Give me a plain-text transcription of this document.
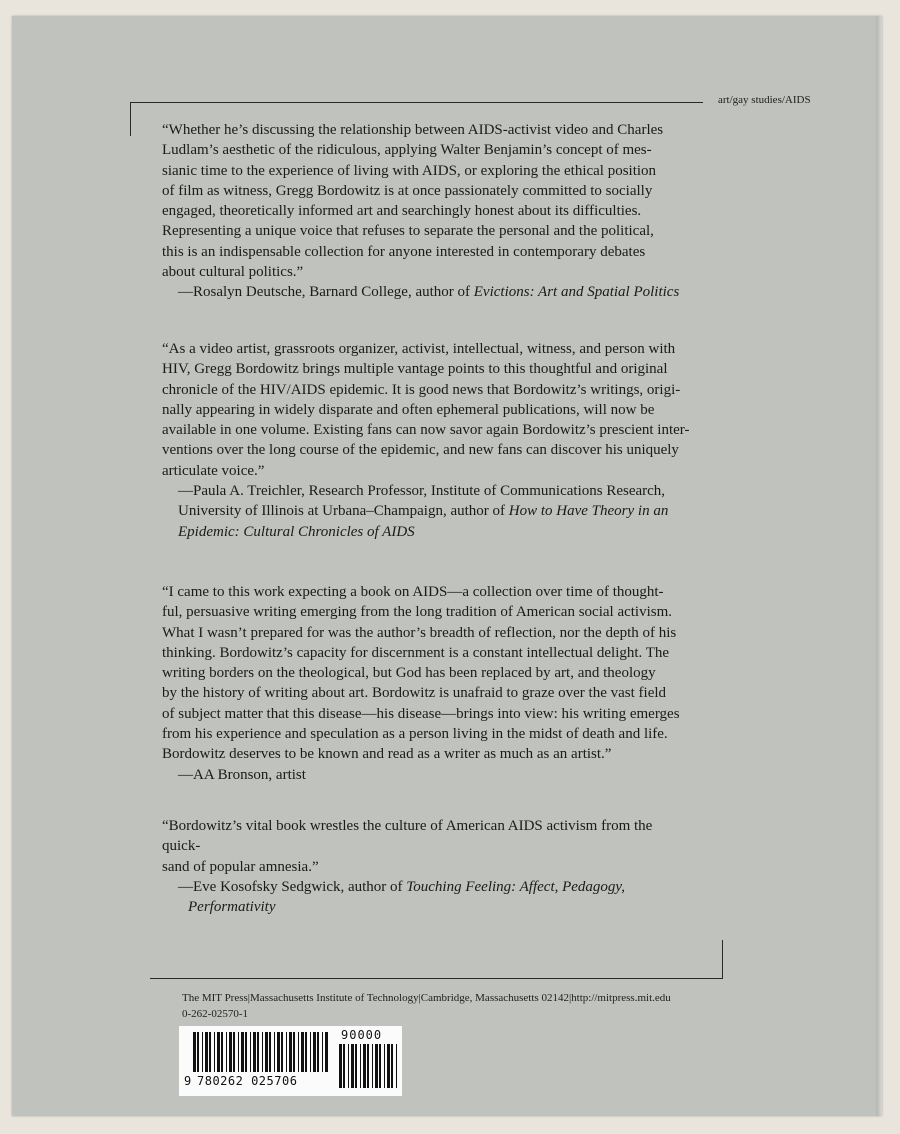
art/gay studies/AIDS

“Whether he’s discussing the relationship between AIDS-activist video and Charles

Ludlam’s aesthetic of the ridiculous, applying Walter Benjamin’s concept of mes-

sianic time to the experience of living with AIDS, or exploring the ethical position

of film as witness, Gregg Bordowitz is at once passionately committed to socially

engaged, theoretically informed art and searchingly honest about its difficulties.

Representing a unique voice that refuses to separate the personal and the political,

this is an indispensable collection for anyone interested in contemporary debates

about cultural politics.”

—Rosalyn Deutsche, Barnard College, author of Evictions: Art and Spatial Politics

“As a video artist, grassroots organizer, activist, intellectual, witness, and person with

HIV, Gregg Bordowitz brings multiple vantage points to this thoughtful and original

chronicle of the HIV/AIDS epidemic. It is good news that Bordowitz’s writings, origi-

nally appearing in widely disparate and often ephemeral publications, will now be

available in one volume. Existing fans can now savor again Bordowitz’s prescient inter-

ventions over the long course of the epidemic, and new fans can discover his uniquely

articulate voice.”

—Paula A. Treichler, Research Professor, Institute of Communications Research,

University of Illinois at Urbana–Champaign, author of How to Have Theory in an

Epidemic: Cultural Chronicles of AIDS

“I came to this work expecting a book on AIDS—a collection over time of thought-

ful, persuasive writing emerging from the long tradition of American social activism.

What I wasn’t prepared for was the author’s breadth of reflection, nor the depth of his

thinking. Bordowitz’s capacity for discernment is a constant intellectual delight. The

writing borders on the theological, but God has been replaced by art, and theology

by the history of writing about art. Bordowitz is unafraid to graze over the vast field

of subject matter that this disease—his disease—brings into view: his writing emerges

from his experience and speculation as a person living in the midst of death and life.

Bordowitz deserves to be known and read as a writer as much as an artist.”

—AA Bronson, artist

“Bordowitz’s vital book wrestles the culture of American AIDS activism from the quick-

sand of popular amnesia.”

—Eve Kosofsky Sedgwick, author of Touching Feeling: Affect, Pedagogy, Performativity

The MIT Press|Massachusetts Institute of Technology|Cambridge, Massachusetts 02142|http://mitpress.mit.edu
0-262-02570-1
9 780262 025706
90000
